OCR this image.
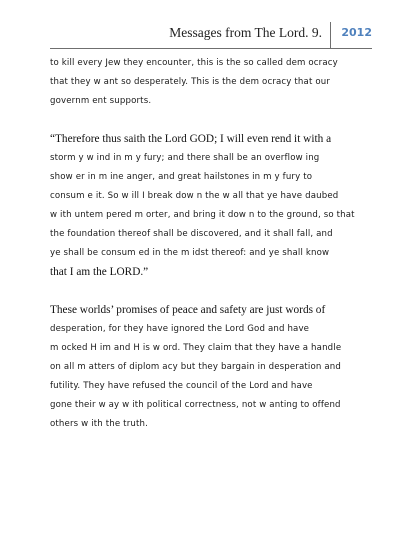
Messages from The Lord. 9.	2012
to kill every Jew they encounter, this is the so called dem ocracy
that they w ant so desperately. This is the dem ocracy that our
governm ent supports.
“Therefore thus saith the Lord GOD; I will even rend it with a
storm y w ind in m y fury; and there shall be an overflow ing
show er in m ine anger, and great hailstones in m y fury to
consum e it. So w ill I break dow n the w all that ye have daubed
w ith untem pered m orter, and bring it dow n to the ground, so that
the foundation thereof shall be discovered, and it shall fall, and
ye shall be consum ed in the m idst thereof: and ye shall know
that I am the LORD.”
These worlds’ promises of peace and safety are just words of
desperation, for they have ignored the Lord God and have
m ocked H im and H is w ord. They claim that they have a handle
on all m atters of diplom acy but they bargain in desperation and
futility. They have refused the council of the Lord and have
gone their w ay w ith political correctness, not w anting to offend
others w ith the truth.
